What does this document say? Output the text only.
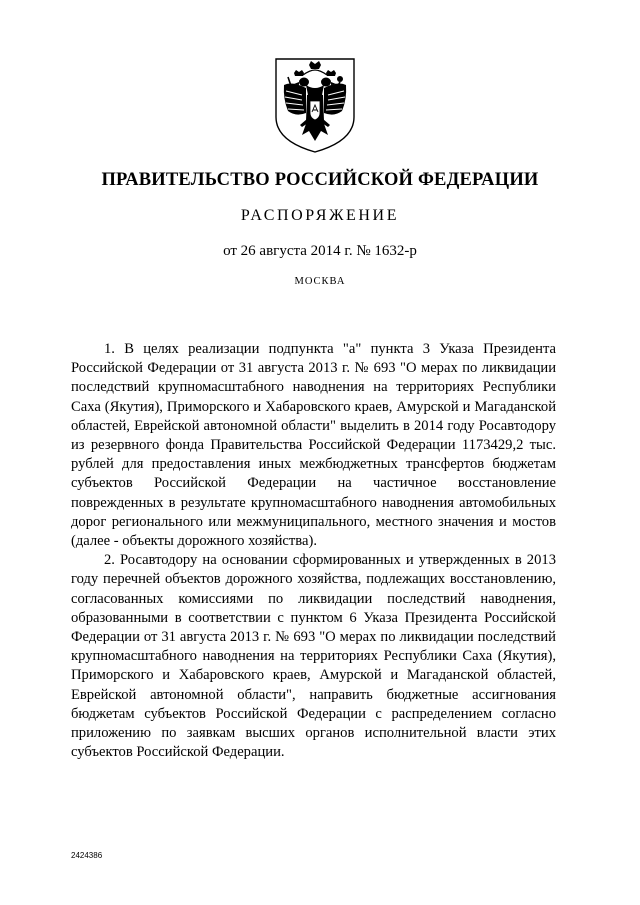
ПРАВИТЕЛЬСТВО РОССИЙСКОЙ ФЕДЕРАЦИИ
РАСПОРЯЖЕНИЕ
от 26 августа 2014 г. № 1632-р
МОСКВА

1. В целях реализации подпункта "а" пункта 3 Указа Президента Российской Федерации от 31 августа 2013 г. № 693 "О мерах по ликвидации последствий крупномасштабного наводнения на территориях Республики Саха (Якутия), Приморского и Хабаровского краев, Амурской и Магаданской областей, Еврейской автономной области" выделить в 2014 году Росавтодору из резервного фонда Правительства Российской Федерации 1173429,2 тыс. рублей для предоставления иных межбюджетных трансфертов бюджетам субъектов Российской Федерации на частичное восстановление поврежденных в результате крупномасштабного наводнения автомобильных дорог регионального или межмуниципального, местного значения и мостов (далее - объекты дорожного хозяйства).

2. Росавтодору на основании сформированных и утвержденных в 2013 году перечней объектов дорожного хозяйства, подлежащих восстановлению, согласованных комиссиями по ликвидации последствий наводнения, образованными в соответствии с пунктом 6 Указа Президента Российской Федерации от 31 августа 2013 г. № 693 "О мерах по ликвидации последствий крупномасштабного наводнения на территориях Республики Саха (Якутия), Приморского и Хабаровского краев, Амурской и Магаданской областей, Еврейской автономной области", направить бюджетные ассигнования бюджетам субъектов Российской Федерации с распределением согласно приложению по заявкам высших органов исполнительной власти этих субъектов Российской Федерации.

2424386
